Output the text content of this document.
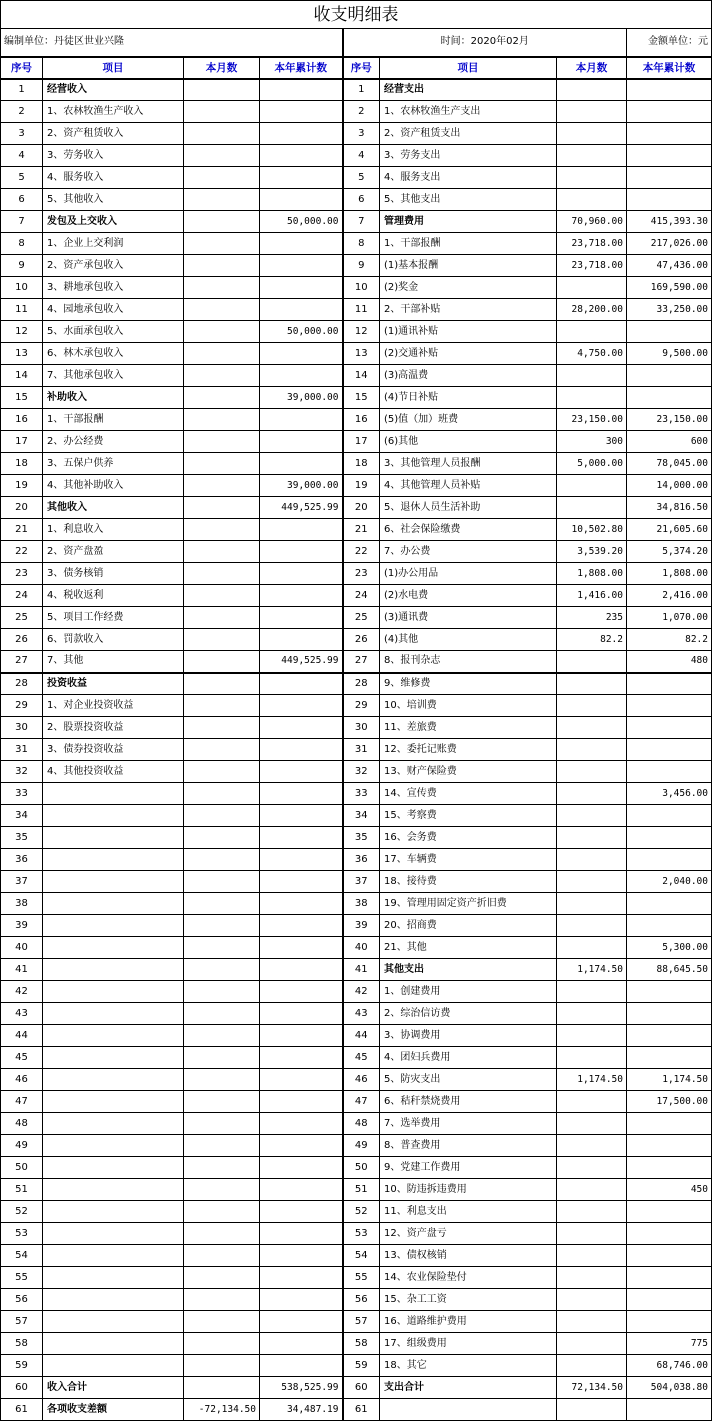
收支明细表							
编制单位：丹徒区世业兴隆				时间：2020年02月			金额单位：元
序号	项目	本月数	本年累计数	序号	项目	本月数	本年累计数
1	经营收入			1	经营支出		
2	1、农林牧渔生产收入			2	1、农林牧渔生产支出		
3	2、资产租赁收入			3	2、资产租赁支出		
4	3、劳务收入			4	3、劳务支出		
5	4、服务收入			5	4、服务支出		
6	5、其他收入			6	5、其他支出		
7	发包及上交收入		50,000.00	7	管理费用	70,960.00	415,393.30
8	1、企业上交利润			8	1、干部报酬	23,718.00	217,026.00
9	2、资产承包收入			9	(1)基本报酬	23,718.00	47,436.00
10	3、耕地承包收入			10	(2)奖金		169,590.00
11	4、园地承包收入			11	2、干部补贴	28,200.00	33,250.00
12	5、水面承包收入		50,000.00	12	(1)通讯补贴		
13	6、林木承包收入			13	(2)交通补贴	4,750.00	9,500.00
14	7、其他承包收入			14	(3)高温费		
15	补助收入		39,000.00	15	(4)节日补贴		
16	1、干部报酬			16	(5)值（加）班费	23,150.00	23,150.00
17	2、办公经费			17	(6)其他	300	600
18	3、五保户供养			18	3、其他管理人员报酬	5,000.00	78,045.00
19	4、其他补助收入		39,000.00	19	4、其他管理人员补贴		14,000.00
20	其他收入		449,525.99	20	5、退休人员生活补助		34,816.50
21	1、利息收入			21	6、社会保险缴费	10,502.80	21,605.60
22	2、资产盘盈			22	7、办公费	3,539.20	5,374.20
23	3、债务核销			23	(1)办公用品	1,808.00	1,808.00
24	4、税收返利			24	(2)水电费	1,416.00	2,416.00
25	5、项目工作经费			25	(3)通讯费	235	1,070.00
26	6、罚款收入			26	(4)其他	82.2	82.2
27	7、其他		449,525.99	27	8、报刊杂志		480
28	投资收益			28	9、维修费		
29	1、对企业投资收益			29	10、培训费		
30	2、股票投资收益			30	11、差旅费		
31	3、债券投资收益			31	12、委托记账费		
32	4、其他投资收益			32	13、财产保险费		
33				33	14、宣传费		3,456.00
34				34	15、考察费		
35				35	16、会务费		
36				36	17、车辆费		
37				37	18、接待费		2,040.00
38				38	19、管理用固定资产折旧费		
39				39	20、招商费		
40				40	21、其他		5,300.00
41				41	其他支出	1,174.50	88,645.50
42				42	1、创建费用		
43				43	2、综治信访费		
44				44	3、协调费用		
45				45	4、团妇兵费用		
46				46	5、防灾支出	1,174.50	1,174.50
47				47	6、秸秆禁烧费用		17,500.00
48				48	7、选举费用		
49				49	8、普查费用		
50				50	9、党建工作费用		
51				51	10、防违拆违费用		450
52				52	11、利息支出		
53				53	12、资产盘亏		
54				54	13、债权核销		
55				55	14、农业保险垫付		
56				56	15、杂工工资		
57				57	16、道路维护费用		
58				58	17、组级费用		775
59				59	18、其它		68,746.00
60	收入合计		538,525.99	60	支出合计	72,134.50	504,038.80
61	各项收支差额	-72,134.50	34,487.19	61			
